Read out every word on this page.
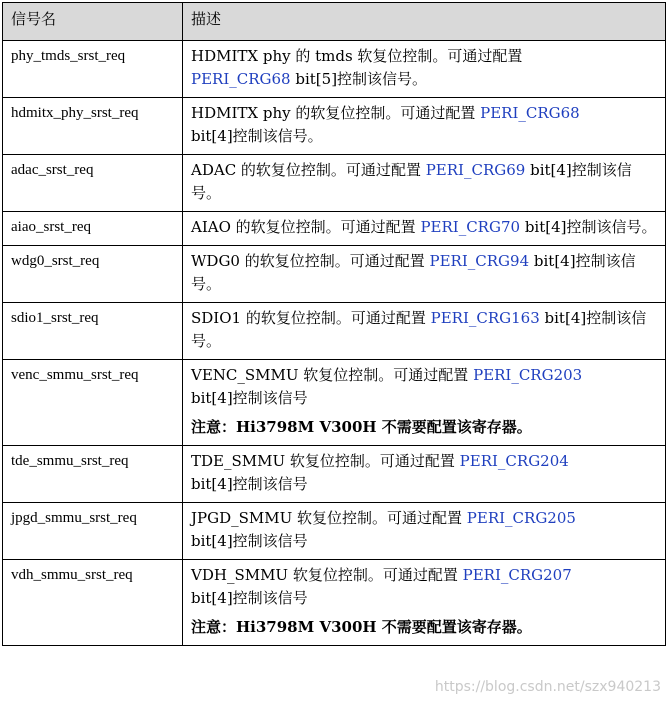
信号名	描述
phy_tmds_srst_req	HDMITX phy 的 tmds 软复位控制。可通过配置
PERI_CRG68 bit[5]控制该信号。
hdmitx_phy_srst_req	HDMITX phy 的软复位控制。可通过配置 PERI_CRG68
bit[4]控制该信号。
adac_srst_req	ADAC 的软复位控制。可通过配置 PERI_CRG69 bit[4]控制该信号。
aiao_srst_req	AIAO 的软复位控制。可通过配置 PERI_CRG70 bit[4]控制该信号。
wdg0_srst_req	WDG0 的软复位控制。可通过配置 PERI_CRG94 bit[4]控制该信号。
sdio1_srst_req	SDIO1 的软复位控制。可通过配置 PERI_CRG163 bit[4]控制该信号。
venc_smmu_srst_req	VENC_SMMU 软复位控制。可通过配置 PERI_CRG203
bit[4]控制该信号
注意：Hi3798M V300H 不需要配置该寄存器。

tde_smmu_srst_req	TDE_SMMU 软复位控制。可通过配置 PERI_CRG204
bit[4]控制该信号
jpgd_smmu_srst_req	JPGD_SMMU 软复位控制。可通过配置 PERI_CRG205
bit[4]控制该信号
vdh_smmu_srst_req	VDH_SMMU 软复位控制。可通过配置 PERI_CRG207
bit[4]控制该信号
注意：Hi3798M V300H 不需要配置该寄存器。
https://blog.csdn.net/szx940213
